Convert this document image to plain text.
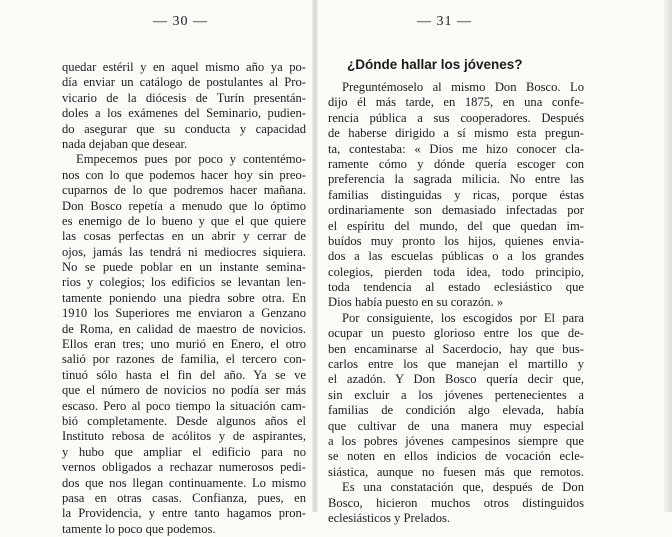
— 30 —
quedar estéril y en aquel mismo año ya po-
día enviar un catálogo de postulantes al Pro-
vicario de la diócesis de Turín presentán-
doles a los exámenes del Seminario, pudien-
do asegurar que su conducta y capacidad
nada dejaban que desear.
Empecemos pues por poco y contentémo-
nos con lo que podemos hacer hoy sin preo-
cuparnos de lo que podremos hacer mañana.
Don Bosco repetía a menudo que lo óptimo
es enemigo de lo bueno y que el que quiere
las cosas perfectas en un abrir y cerrar de
ojos, jamás las tendrá ni mediocres siquiera.
No se puede poblar en un instante semina-
rios y colegios; los edificios se levantan len-
tamente poniendo una piedra sobre otra. En
1910 los Superiores me enviaron a Genzano
de Roma, en calidad de maestro de novicios.
Ellos eran tres; uno murió en Enero, el otro
salió por razones de familia, el tercero con-
tinuó sólo hasta el fin del año. Ya se ve
que el número de novicios no podía ser más
escaso. Pero al poco tiempo la situación cam-
bió completamente. Desde algunos años el
Instituto rebosa de acólitos y de aspirantes,
y hubo que ampliar el edificio para no
vernos obligados a rechazar numerosos pedi-
dos que nos llegan continuamente. Lo mismo
pasa en otras casas. Confianza, pues, en
la Providencia, y entre tanto hagamos pron-
tamente lo poco que podemos.
— 31 —
¿Dónde hallar los jóvenes?
Preguntémoselo al mismo Don Bosco. Lo
dijo él más tarde, en 1875, en una confe-
rencia pública a sus cooperadores. Después
de haberse dirigido a sí mismo esta pregun-
ta, contestaba: « Dios me hizo conocer cla-
ramente cómo y dónde quería escoger con
preferencia la sagrada milicia. No entre las
familias distinguidas y ricas, porque éstas
ordinariamente son demasiado infectadas por
el espíritu del mundo, del que quedan im-
buídos muy pronto los hijos, quienes envia-
dos a las escuelas públicas o a los grandes
colegios, pierden toda idea, todo principio,
toda tendencia al estado eclesiástico que
Dios había puesto en su corazón. »
Por consiguiente, los escogidos por El para
ocupar un puesto glorioso entre los que de-
ben encaminarse al Sacerdocio, hay que bus-
carlos entre los que manejan el martillo y
el azadón. Y Don Bosco quería decir que,
sin excluir a los jóvenes pertenecientes a
familias de condición algo elevada, había
que cultivar de una manera muy especial
a los pobres jóvenes campesinos siempre que
se noten en ellos indicios de vocación ecle-
siástica, aunque no fuesen más que remotos.
Es una constatación que, después de Don
Bosco, hicieron muchos otros distinguidos
eclesiásticos y Prelados.
